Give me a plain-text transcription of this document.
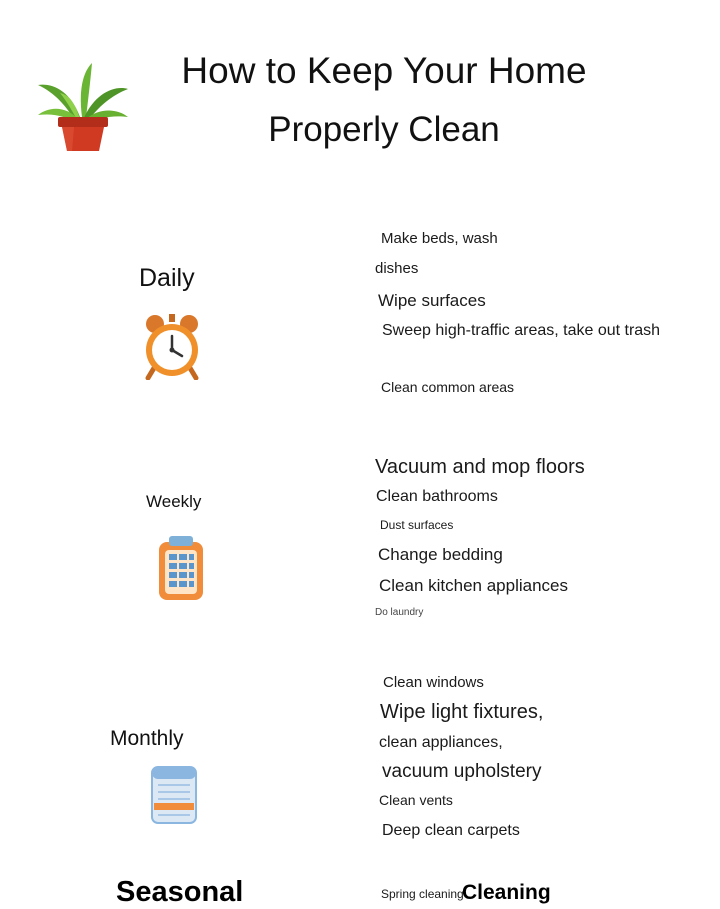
How to Keep Your Home
Properly Clean
Daily
Make beds, wash
dishes
Wipe surfaces
Sweep high-traffic areas, take out trash
Clean common areas
Weekly
Vacuum and mop floors
Clean bathrooms
Dust surfaces
Change bedding
Clean kitchen appliances
Do laundry
Monthly
Clean windows
Wipe light fixtures,
clean appliances,
vacuum upholstery
Clean vents
Deep clean carpets
Seasonal	Spring cleaning
Cleaning
